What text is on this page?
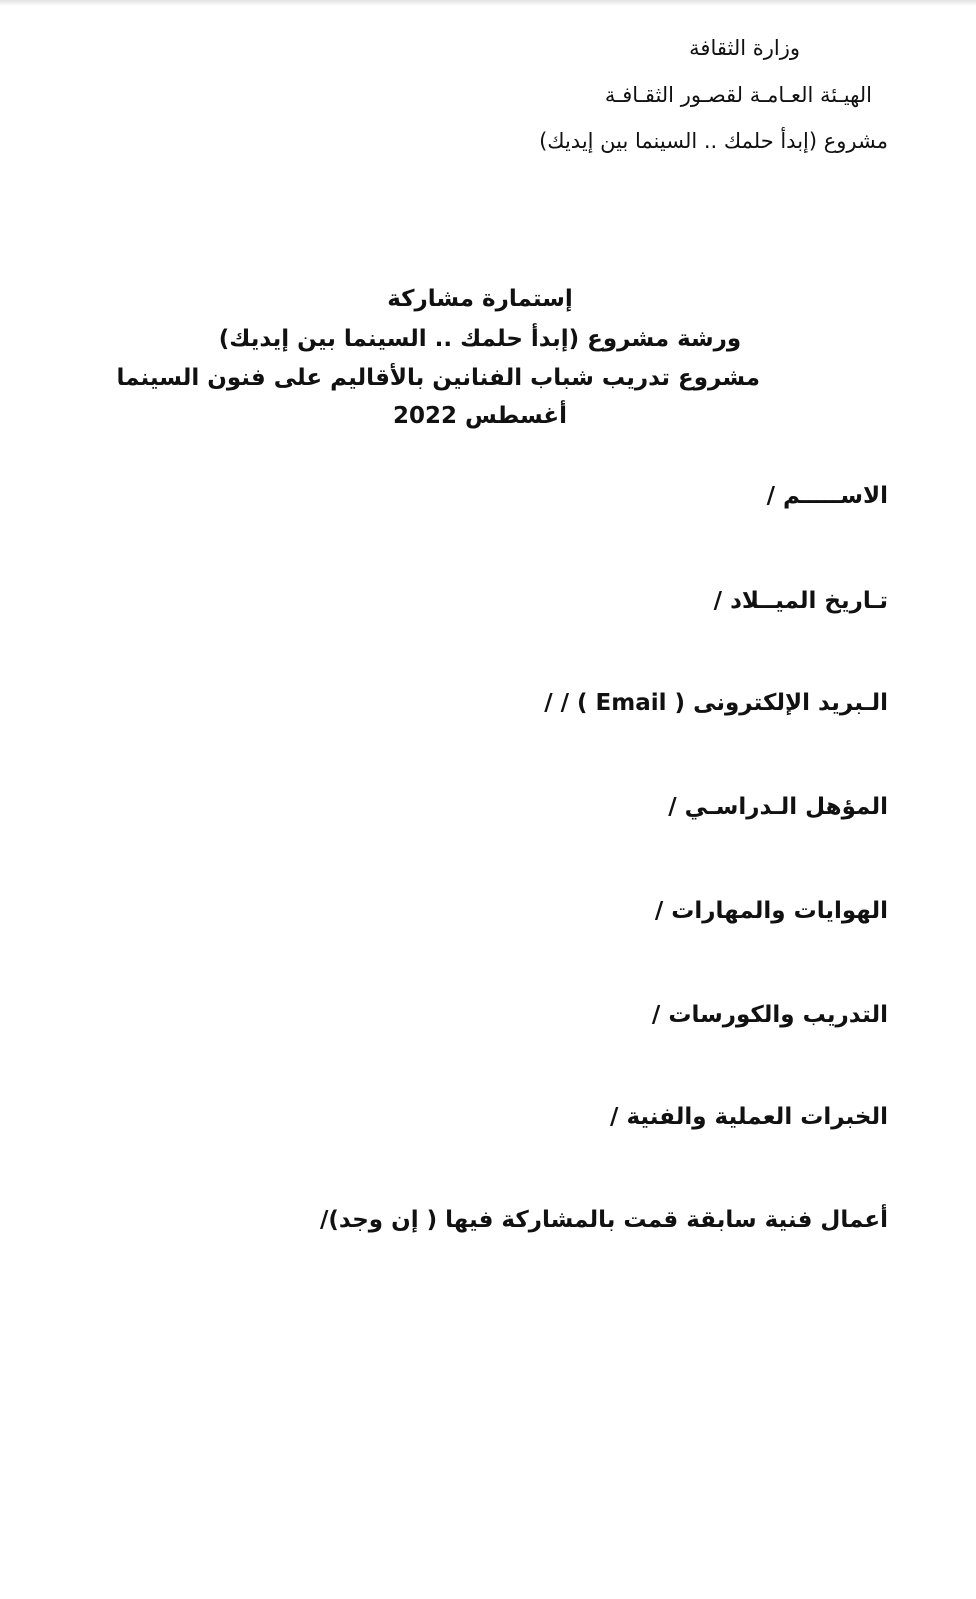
وزارة الثقافة

الهيـئة العـامـة لقصـور الثقـافـة

مشروع (إبدأ حلمك .. السينما بين إيديك)

إستمارة مشاركة

ورشة مشروع (إبدأ حلمك .. السينما بين إيديك)

مشروع تدريب شباب الفنانين بالأقاليم على فنون السينما

أغسطس 2022

الاســـــم /
تـاريخ الميــلاد /
الـبريد الإلكترونى ( Email ) / /
المؤهل الـدراسـي /
الهوايات والمهارات /
التدريب والكورسات /
الخبرات العملية والفنية /
أعمال فنية سابقة قمت بالمشاركة فيها ( إن وجد)/
